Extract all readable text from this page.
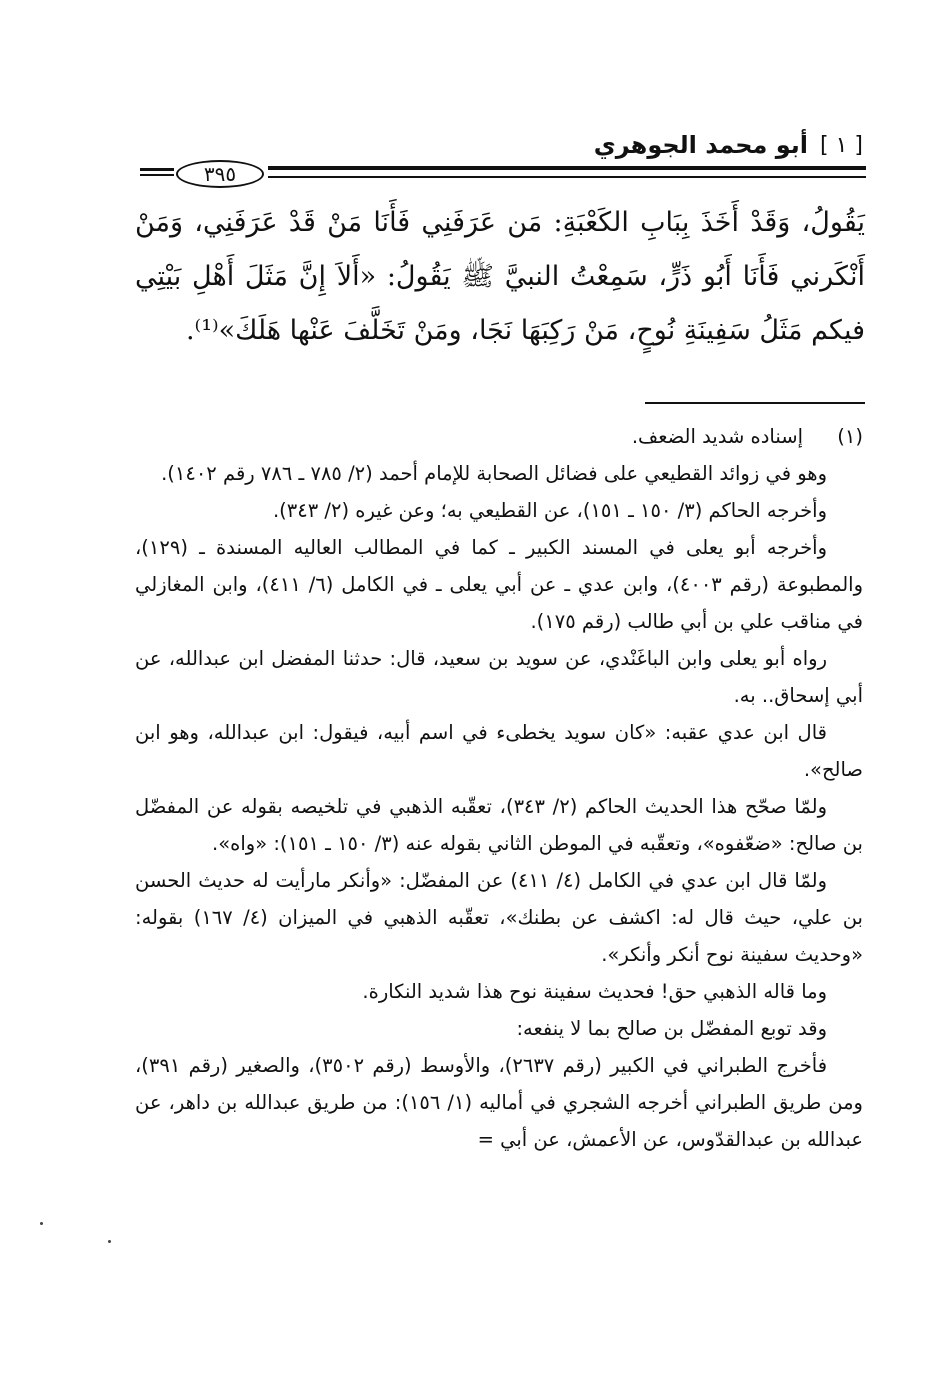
[ ١ ]
أبو محمد الجوهري
٣٩٥

يَقُولُ، وَقَدْ أَخَذَ بِبَابِ الكَعْبَةِ: مَن عَرَفَنِي فَأَنَا مَنْ قَدْ عَرَفَنِي، وَمَنْ أَنْكَرني فَأَنَا أَبُو ذَرٍّ، سَمِعْتُ النبيَّ ﷺ يَقُولُ: «أَلاَ إِنَّ مَثَلَ أَهْلِ بَيْتِي فيكم مَثَلُ سَفِينَةِ نُوحٍ، مَنْ رَكِبَهَا نَجَا، ومَنْ تَخَلَّفَ عَنْها هَلَكَ»⁽¹⁾.

(١)
إسناده شديد الضعف.

وهو في زوائد القطيعي على فضائل الصحابة للإمام أحمد (٢/ ٧٨٥ ـ ٧٨٦ رقم ١٤٠٢).

وأخرجه الحاكم (٣/ ١٥٠ ـ ١٥١)، عن القطيعي به؛ وعن غيره (٢/ ٣٤٣).

وأخرجه أبو يعلى في المسند الكبير ـ كما في المطالب العاليه المسندة ـ (١٢٩)، والمطبوعة (رقم ٤٠٠٣)، وابن عدي ـ عن أبي يعلى ـ في الكامل (٦/ ٤١١)، وابن المغازلي في مناقب علي بن أبي طالب (رقم ١٧٥).

رواه أبو يعلى وابن الباغَنْدي، عن سويد بن سعيد، قال: حدثنا المفضل ابن عبدالله، عن أبي إسحاق.. به.

قال ابن عدي عقبه: «كان سويد يخطىء في اسم أبيه، فيقول: ابن عبدالله، وهو ابن صالح».

ولمّا صحّح هذا الحديث الحاكم (٢/ ٣٤٣)، تعقّبه الذهبي في تلخيصه بقوله عن المفضّل بن صالح: «ضعّفوه»، وتعقّبه في الموطن الثاني بقوله عنه (٣/ ١٥٠ ـ ١٥١): «واه».

ولمّا قال ابن عدي في الكامل (٤/ ٤١١) عن المفضّل: «وأنكر مارأيت له حديث الحسن بن علي، حيث قال له: اكشف عن بطنك»، تعقّبه الذهبي في الميزان (٤/ ١٦٧) بقوله: «وحديث سفينة نوح أنكر وأنكر».

وما قاله الذهبي حق! فحديث سفينة نوح هذا شديد النكارة.

وقد توبع المفضّل بن صالح بما لا ينفعه:

فأخرج الطبراني في الكبير (رقم ٢٦٣٧)، والأوسط (رقم ٣٥٠٢)، والصغير (رقم ٣٩١)، ومن طريق الطبراني أخرجه الشجري في أماليه (١/ ١٥٦): من طريق عبدالله بن داهر، عن عبدالله بن عبدالقدّوس، عن الأعمش، عن أبي =
